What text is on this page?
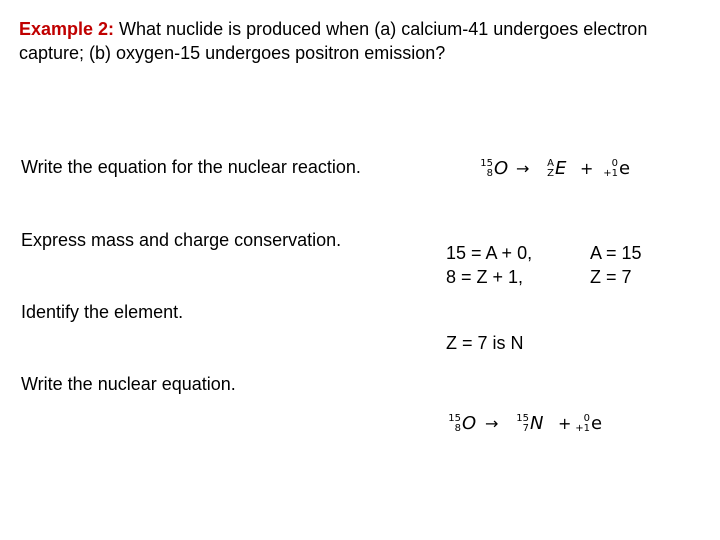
Example 2: What nuclide is produced when (a) calcium-41 undergoes electron capture; (b) oxygen-15 undergoes positron emission?
Write the equation for the nuclear reaction.
Express mass and charge conservation.
Identify the element.
Write the nuclear equation.
15
8 O → A
Z E + 0
+1 e
15 = A + 0,
8 = Z + 1,
A = 15
Z = 7
Z = 7 is N
15
8 O → 15
7 N + 0
+1 e
